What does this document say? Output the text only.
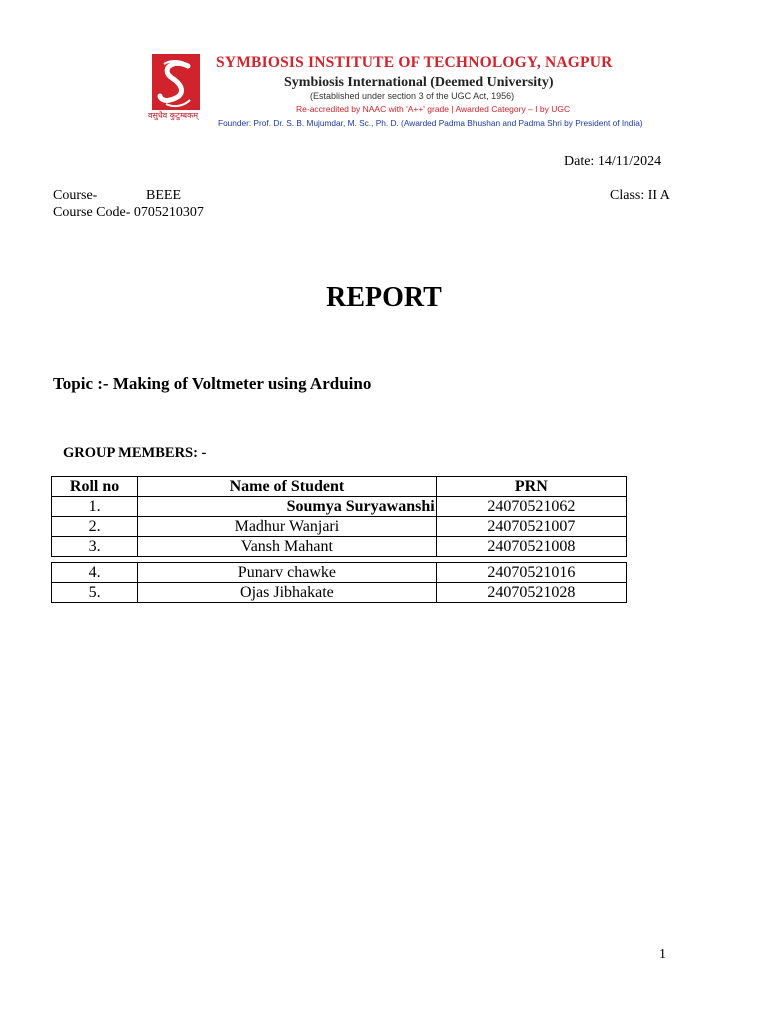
वसुधैव कुटुम्बकम्
SYMBIOSIS INSTITUTE OF TECHNOLOGY, NAGPUR
Symbiosis International (Deemed University)
(Established under section 3 of the UGC Act, 1956)
Re-accredited by NAAC with 'A++' grade | Awarded Category – I by UGC
Founder: Prof. Dr. S. B. Mujumdar, M. Sc., Ph. D. (Awarded Padma Bhushan and Padma Shri by President of India)
Date: 14/11/2024
Course-	BEEE	Class: II A
Course Code- 0705210307
REPORT
Topic :- Making of Voltmeter using Arduino
GROUP MEMBERS: -
Roll no	Name of Student	PRN
1.	Soumya Suryawanshi	24070521062
2.	Madhur Wanjari	24070521007
3.	Vansh Mahant	24070521008
4.	Punarv chawke	24070521016
5.	Ojas Jibhakate	24070521028
1
